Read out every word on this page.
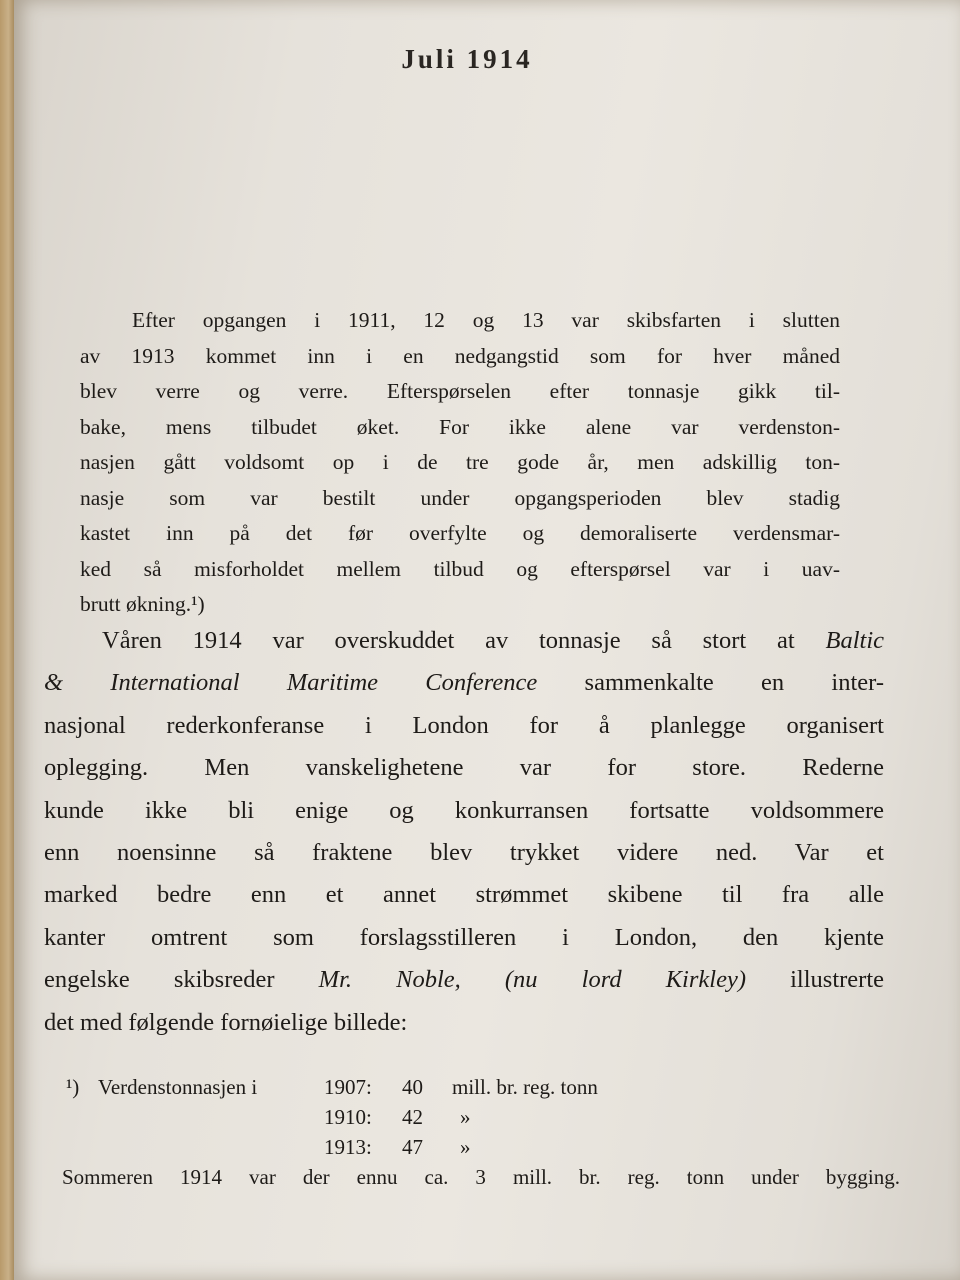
Juli 1914
Efter opgangen i 1911, 12 og 13 var skibsfarten i slutten
av 1913 kommet inn i en nedgangstid som for hver måned
blev verre og verre. Efterspørselen efter tonnasje gikk til-
bake, mens tilbudet øket. For ikke alene var verdenston-
nasjen gått voldsomt op i de tre gode år, men adskillig ton-
nasje som var bestilt under opgangsperioden blev stadig
kastet inn på det før overfylte og demoraliserte verdensmar-
ked så misforholdet mellem tilbud og efterspørsel var i uav-
brutt økning.¹)
Våren 1914 var overskuddet av tonnasje så stort at Baltic
& International Maritime Conference sammenkalte en inter-
nasjonal rederkonferanse i London for å planlegge organisert
oplegging. Men vanskelighetene var for store. Rederne
kunde ikke bli enige og konkurransen fortsatte voldsommere
enn noensinne så fraktene blev trykket videre ned. Var et
marked bedre enn et annet strømmet skibene til fra alle
kanter omtrent som forslagsstilleren i London, den kjente
engelske skibsreder Mr. Noble, (nu lord Kirkley) illustrerte
det med følgende fornøielige billede:
¹) Verdenstonnasjen i	1907: 40 mill. br. reg. tonn
1910: 42 »
1913: 47 »
Sommeren 1914 var der ennu ca. 3 mill. br. reg. tonn under bygging.
